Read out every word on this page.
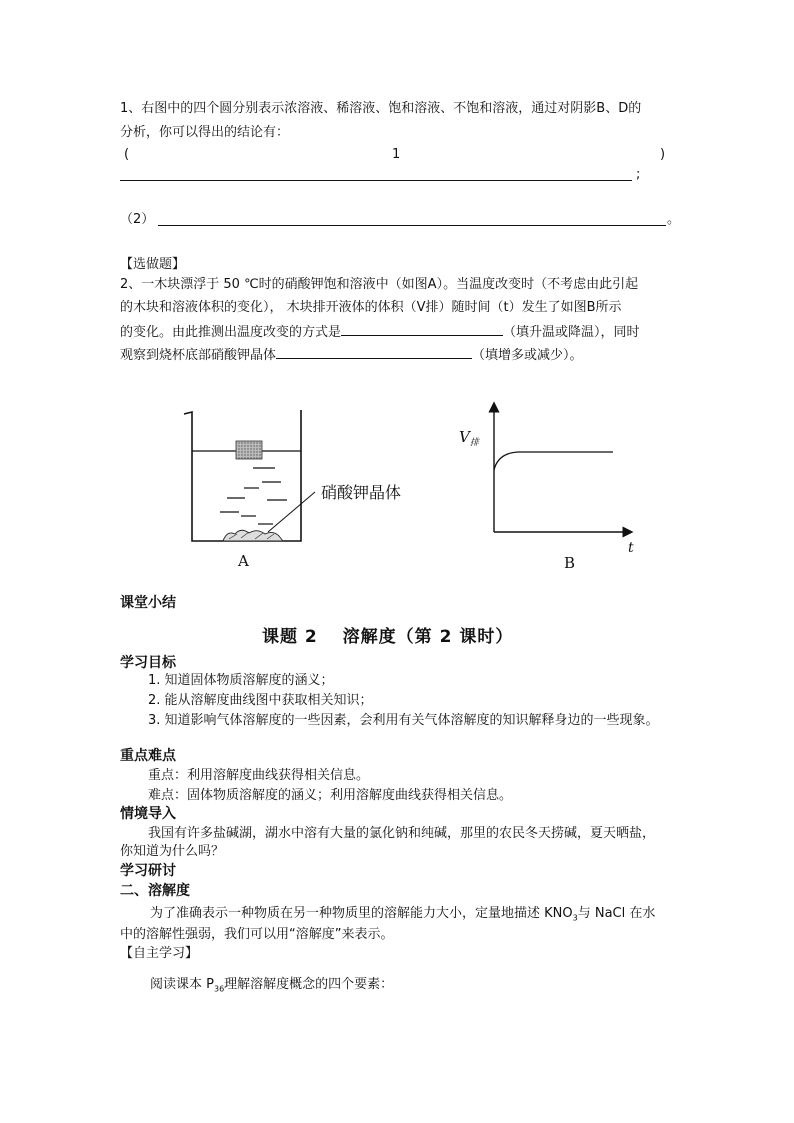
1、右图中的四个圆分别表示浓溶液、稀溶液、饱和溶液、不饱和溶液，通过对阴影B、D的
分析，你可以得出的结论有：
(	1	)
;
（2）	。
【选做题】
2、一木块漂浮于 50 ℃时的硝酸钾饱和溶液中（如图A）。当温度改变时（不考虑由此引起
的木块和溶液体积的变化）， 木块排开液体的体积（V排）随时间（t）发生了如图B所示
的变化。由此推测出温度改变的方式是	（填升温或降温），同时
观察到烧杯底部硝酸钾晶体	（填增多或减少）。
硝酸钾晶体
A
$V_排$
t
B
课堂小结
课题 2　 溶解度（第 2 课时）
学习目标
1. 知道固体物质溶解度的涵义；
2. 能从溶解度曲线图中获取相关知识；
3. 知道影响气体溶解度的一些因素，会利用有关气体溶解度的知识解释身边的一些现象。
重点难点
重点：利用溶解度曲线获得相关信息。
难点：固体物质溶解度的涵义；利用溶解度曲线获得相关信息。
情境导入
我国有许多盐碱湖，湖水中溶有大量的氯化钠和纯碱，那里的农民冬天捞碱，夏天晒盐，
你知道为什么吗？
学习研讨
二、溶解度
为了准确表示一种物质在另一种物质里的溶解能力大小，定量地描述 $KNO_3$与 NaCl 在水
中的溶解性强弱，我们可以用“溶解度”来表示。
【自主学习】
阅读课本 $P_{36}$理解溶解度概念的四个要素：
